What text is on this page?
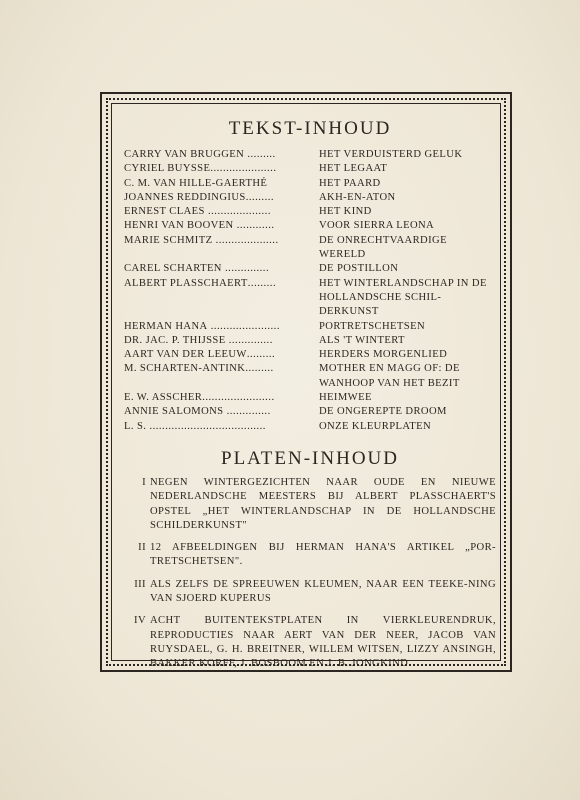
TEKST-INHOUD
CARRY VAN BRUGGEN .........	HET VERDUISTERD GELUK
CYRIEL BUYSSE.....................	HET LEGAAT
C. M. VAN HILLE-GAERTHÉ	HET PAARD
JOANNES REDDINGIUS.........	AKH-EN-ATON
ERNEST CLAES ....................	HET KIND
HENRI VAN BOOVEN ............	VOOR SIERRA LEONA
MARIE SCHMITZ ....................	DE ONRECHTVAARDIGE WERELD
CAREL SCHARTEN ..............	DE POSTILLON
ALBERT PLASSCHAERT.........	HET WINTERLANDSCHAP IN DE HOLLANDSCHE SCHIL-DERKUNST
HERMAN HANA ......................	PORTRETSCHETSEN
DR. JAC. P. THIJSSE ..............	ALS 'T WINTERT
AART VAN DER LEEUW.........	HERDERS MORGENLIED
M. SCHARTEN-ANTINK.........	MOTHER EN MAGG OF: DE WANHOOP VAN HET BEZIT
E. W. ASSCHER.......................	HEIMWEE
ANNIE SALOMONS ..............	DE ONGEREPTE DROOM
L. S. .....................................	ONZE KLEURPLATEN
PLATEN-INHOUD
I NEGEN WINTERGEZICHTEN NAAR OUDE EN NIEUWE NEDERLANDSCHE MEESTERS BIJ ALBERT PLASSCHAERT'S OPSTEL „HET WINTERLANDSCHAP IN DE HOLLANDSCHE SCHILDERKUNST"
II 12 AFBEELDINGEN BIJ HERMAN HANA'S ARTIKEL „POR-TRETSCHETSEN".
III ALS ZELFS DE SPREEUWEN KLEUMEN, NAAR EEN TEEKE-NING VAN SJOERD KUPERUS
IV ACHT BUITENTEKSTPLATEN IN VIERKLEURENDRUK, REPRODUCTIES NAAR AERT VAN DER NEER, JACOB VAN RUYSDAEL, G. H. BREITNER, WILLEM WITSEN, LIZZY ANSINGH, BAKKER KORFF, J. BOSBOOM EN J. B. JONGKIND
